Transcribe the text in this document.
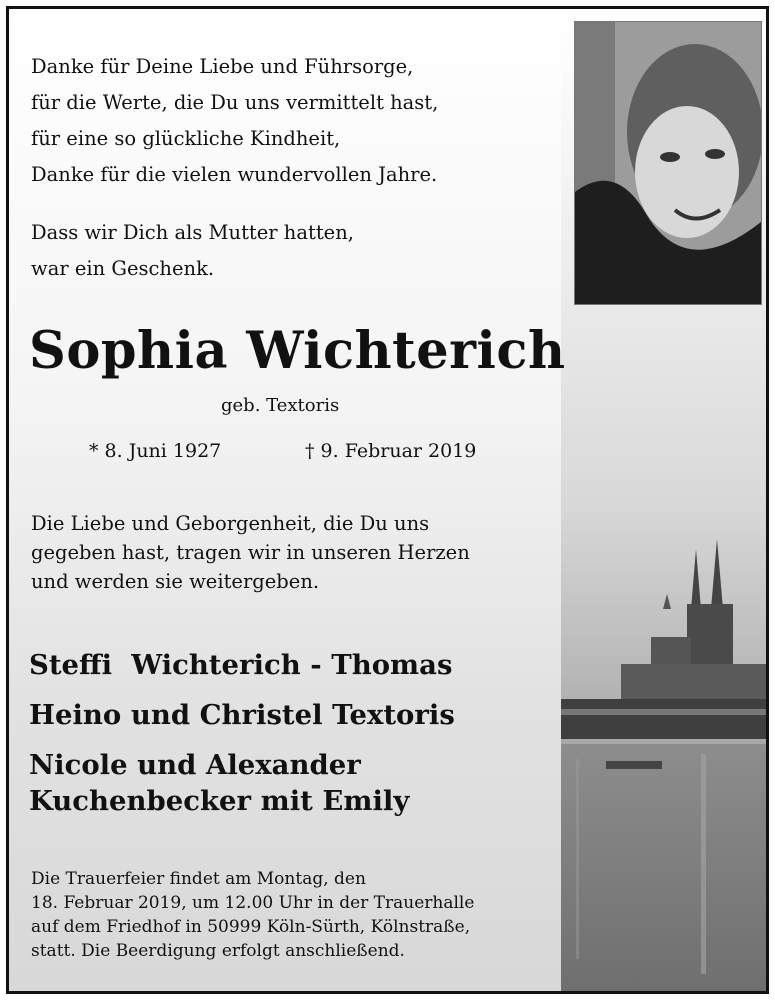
Danke für Deine Liebe und Führsorge,
für die Werte, die Du uns vermittelt hast,
für eine so glückliche Kindheit,
Danke für die vielen wundervollen Jahre.

Dass wir Dich als Mutter hatten,
war ein Geschenk.

Sophia Wichterich
geb. Textoris
* 8. Juni 1927	† 9. Februar 2019

Die Liebe und Geborgenheit, die Du uns
gegeben hast, tragen wir in unseren Herzen
und werden sie weitergeben.

Steffi  Wichterich - Thomas
Heino und Christel Textoris
Nicole und Alexander
Kuchenbecker mit Emily

Die Trauerfeier findet am Montag, den
18. Februar 2019, um 12.00 Uhr in der Trauerhalle
auf dem Friedhof in 50999 Köln-Sürth, Kölnstraße,
statt. Die Beerdigung erfolgt anschließend.
